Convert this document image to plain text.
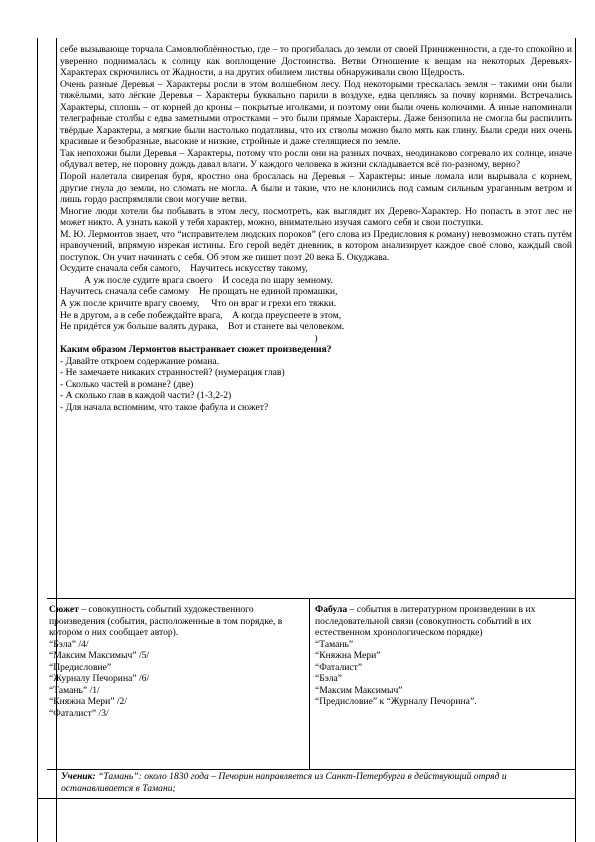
себе вызывающе торчала Самовлюблённостью, где – то прогибалась до земли от своей Приниженности, а где-то спокойно и уверенно поднималась к солнцу как воплощение Достоинства. Ветви Отношение к вещам на некоторых Деревьях-Характерах скрючились от Жадности, а на других обилием листвы обнаруживали свою Щедрость.

Очень разные Деревья – Характеры росли в этом волшебном лесу. Под некоторыми трескалась земля – такими они были тяжёлыми, зато лёгкие Деревья – Характеры буквально парили в воздухе, едва цепляясь за почву корнями. Встречались Характеры, сплошь – от корней до кроны – покрытые иголками, и поэтому они были очень колючими. А иные напоминали телеграфные столбы с едва заметными отростками – это были прямые Характеры. Даже бензопила не смогла бы распилить твёрдые Характеры, а мягкие были настолько податливы, что их стволы можно было мять как глину. Были среди них очень красивые и безобразные, высокие и низкие, стройные и даже стелящиеся по земле.

Так непохожи были Деревья – Характеры, потому что росли они на разных почвах, неодинаково согревало их солнце, иначе обдувал ветер, не поровну дождь давал влаги. У каждого человека в жизни складывается всё по-разному, верно?

Порой налетала свирепая буря, яростно она бросалась на Деревья – Характеры: иные ломала или вырывала с корнем, другие гнула до земли, но сломать не могла. А были и такие, что не клонились под самым сильным ураганным ветром и лишь гордо распрямляли свои могучие ветви.

Многие люди хотели бы побывать в этом лесу, посмотреть, как выглядит их Дерево-Характер. Но попасть в этот лес не может никто. А узнать какой у тебя характер, можно, внимательно изучая самого себя и свои поступки.

М. Ю. Лермонтов знает, что “исправителем людских пороков” (его слова из Предисловия к роману) невозможно стать путём нравоучений, впрямую изрекая истины. Его герой ведёт дневник, в котором анализирует каждое своё слово, каждый свой поступок. Он учит начинать с себя. Об этом же пишет поэт 20 века Б. Окуджава.

Осудите сначала себя самого,    Научитесь искусству такому,

А уж после судите врага своего    И соседа по шару земному.

Научитесь сначала себе самому    Не прощать не единой промашки,

А уж после кричите врагу своему,     Что он враг и грехи его тяжки.

Не в другом, а в себе побеждайте врага,    А когда преуспеете в этом,

Не придётся уж больше валять дурака,    Вот и станете вы человеком.

)

Каким образом Лермонтов выстраивает сюжет произведения?

- Давайте откроем содержание романа.

- Не замечаете никаких странностей? (нумерация глав)

- Сколько частей в романе? (две)

- А сколько глав в каждой части? (1-3,2-2)

- Для начала вспомним, что такое фабула и сюжет?

Сюжет – совокупность событий художественного произведения (события, расположенные в том порядке, в котором о них сообщает автор).

“Бэла” /4/

“Максим Максимыч” /5/

“Предисловие”

“Журналу Печорина” /6/

“Тамань” /1/

“Княжна Мери” /2/

“Фаталист” /3/

Фабула – события в литературном произведении в их последовательной связи (совокупность событий в их естественном хронологическом порядке)

“Тамань”

“Княжна Мери”

“Фаталист”

“Бэла”

“Максим Максимыч”

“Предисловие” к “Журналу Печорина”.

Ученик: “Тамань”: около 1830 года – Печорин направляется из Санкт-Петербурга в действующий отряд и останавливается в Тамани;
